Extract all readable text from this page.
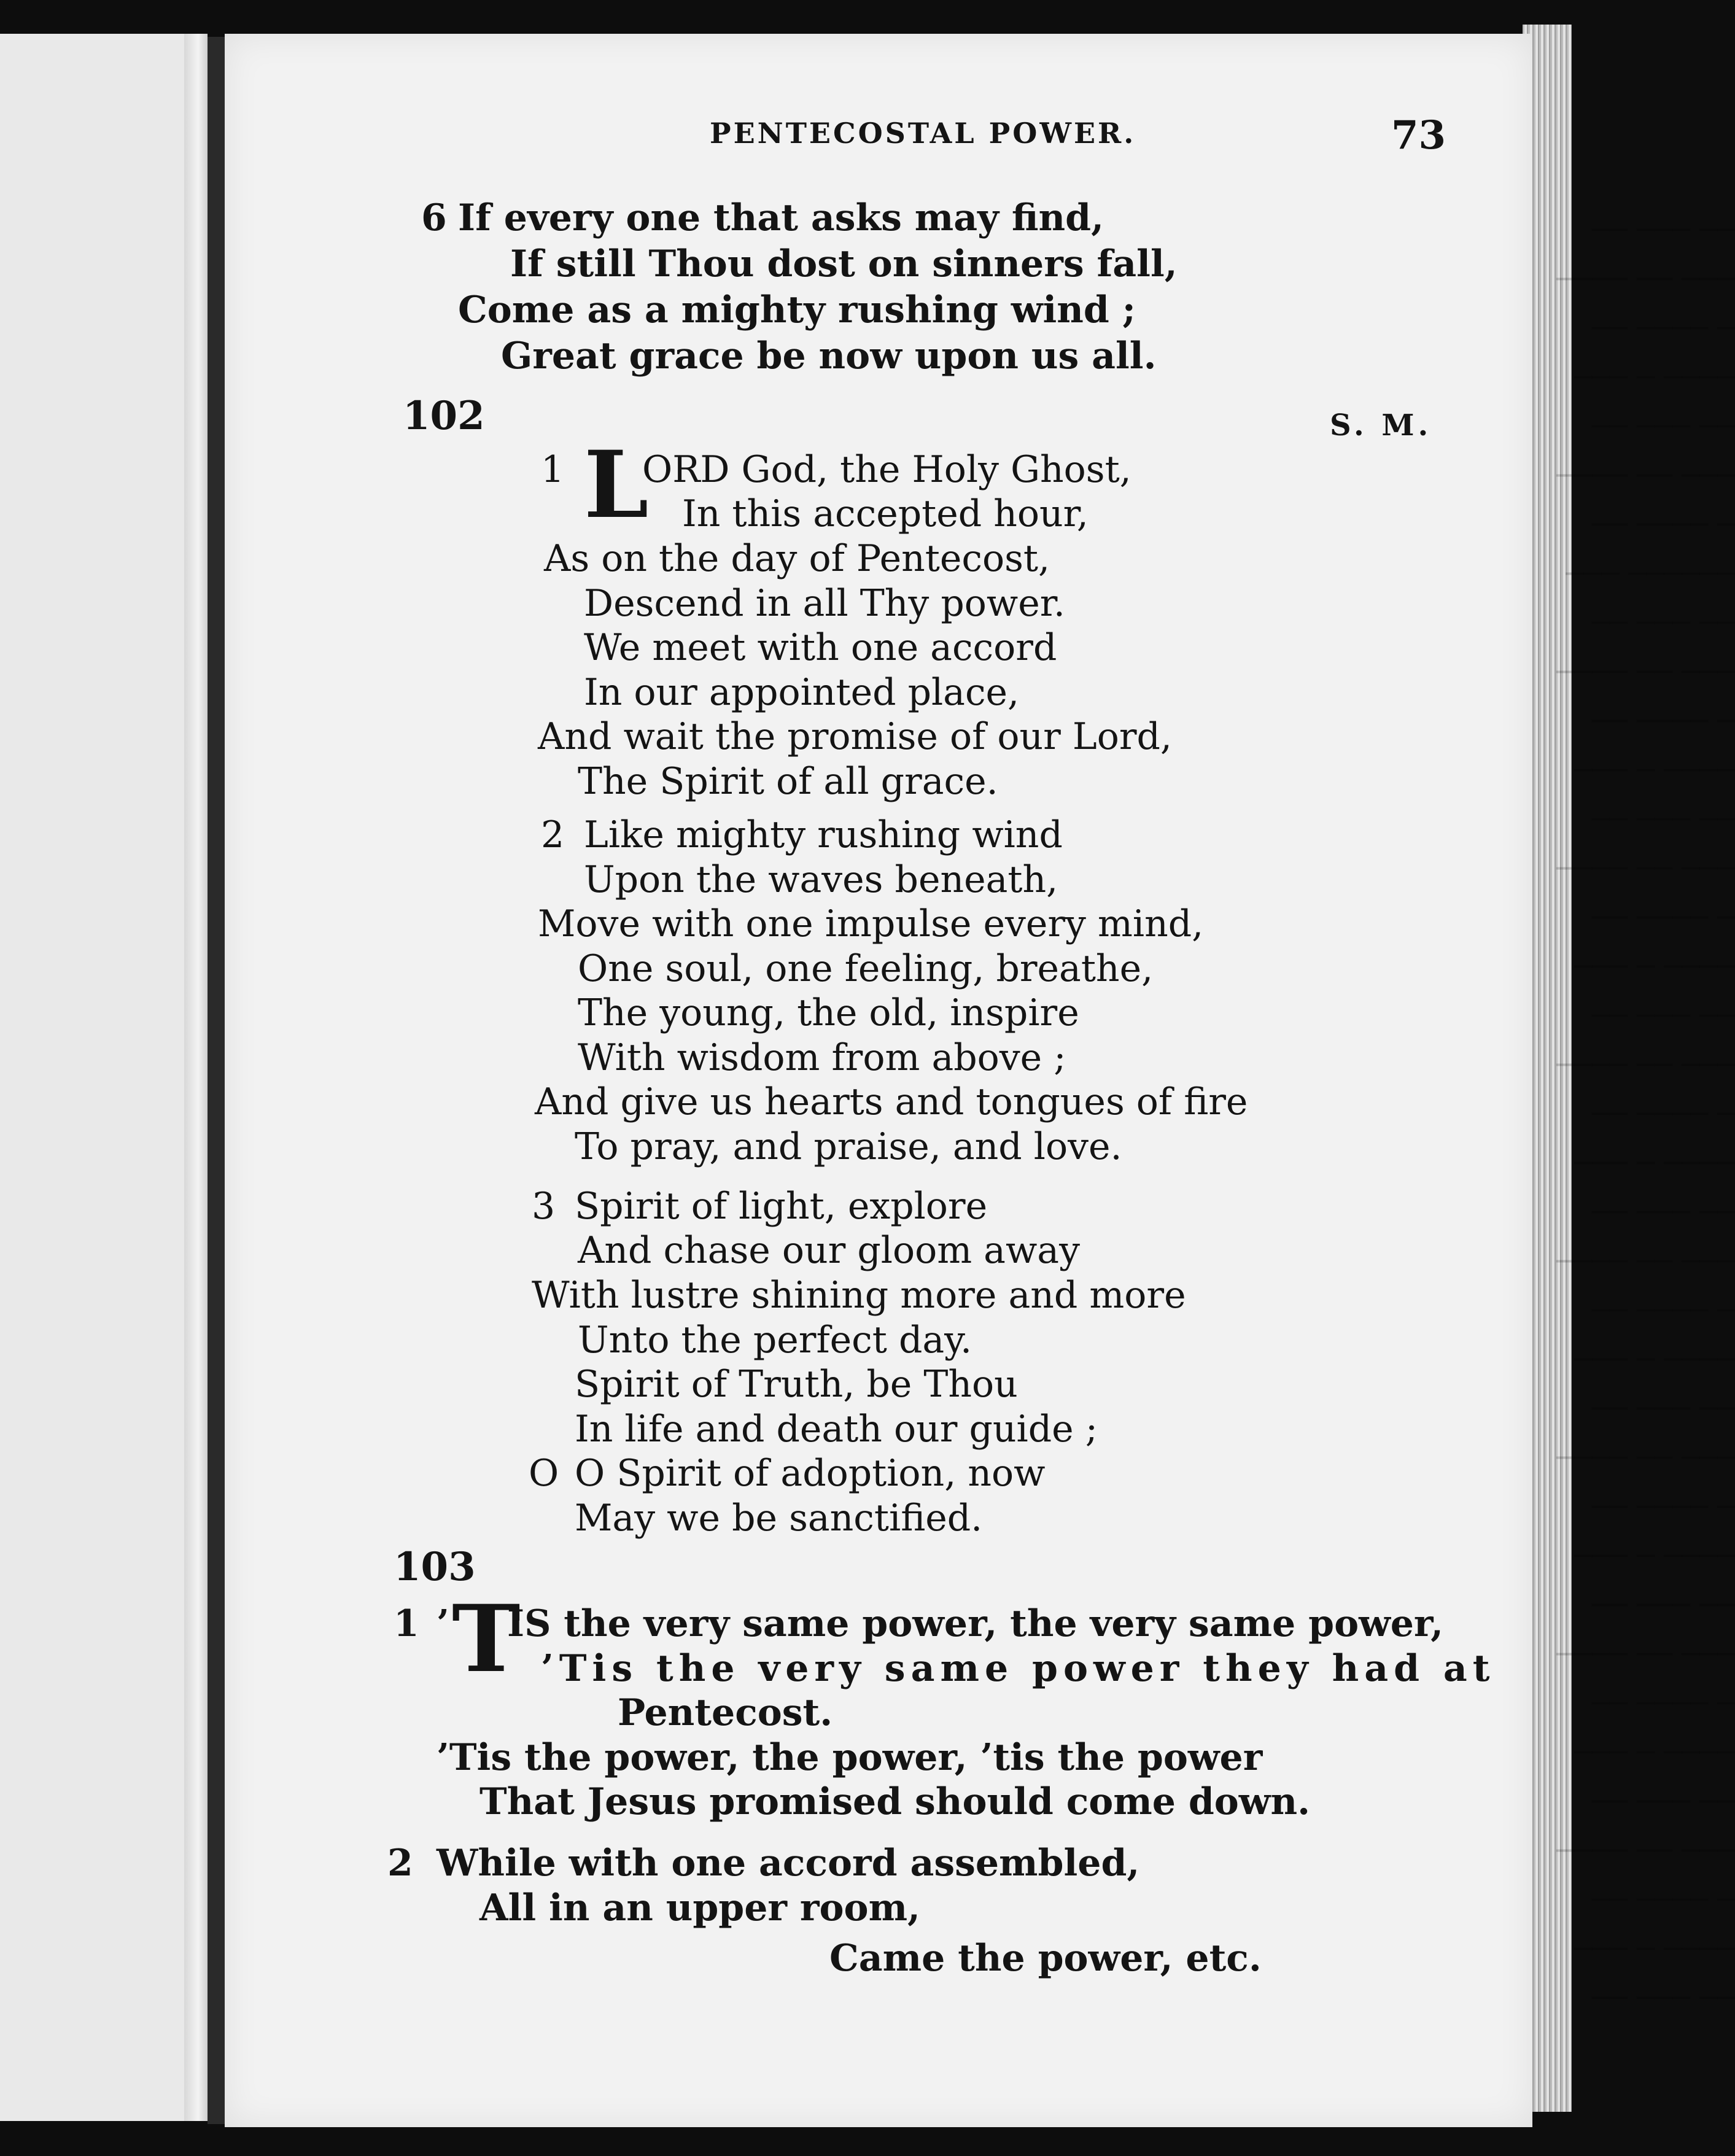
── ─── ──
─── ── ────
─ ──── ──
──── ─ ───
── ─── ──
─── ── ────
─ ──── ──
────── ───
── ─── ──
─── ── ────
─ ──── ──
──── ─ ───
── ─── ──
─── ── ────
─ ──── ──
──── ─ ───
── ─── ──
─── ── ────
─ ──── ──
──── ─ ───
── ─── ──
─── ── ────
─ ──── ──
──── ─ ───
── ─── ──
─── ── ────
─ ──── ──
──── ─ ───
── ─── ──
─── ── ────
─ ──── ──
──── ─ ───
── ─── ──
─── ── ────
─ ──── ──
──── ─ ───
── ─── ──
PENTECOSTAL POWER.	73
6 If every one that asks may find,
If still Thou dost on sinners fall,
Come as a mighty rushing wind ;
Great grace be now upon us all.
102	S. M.
1 L
ORD God, the Holy Ghost,
In this accepted hour,
As on the day of Pentecost,
Descend in all Thy power.
We meet with one accord
In our appointed place,
And wait the promise of our Lord,
The Spirit of all grace.
2 Like mighty rushing wind
Upon the waves beneath,
Move with one impulse every mind,
One soul, one feeling, breathe,
The young, the old, inspire
With wisdom from above ;
And give us hearts and tongues of fire
To pray, and praise, and love.
3 Spirit of light, explore
And chase our gloom away
With lustre shining more and more
Unto the perfect day.
Spirit of Truth, be Thou
In life and death our guide ;
O O Spirit of adoption, now
May we be sanctified.
103
1 ’ T
IS the very same power, the very same power,
’Tis the very same power they had at
Pentecost.
’Tis the power, the power, ’tis the power
That Jesus promised should come down.
2 While with one accord assembled,
All in an upper room,
Came the power, etc.
